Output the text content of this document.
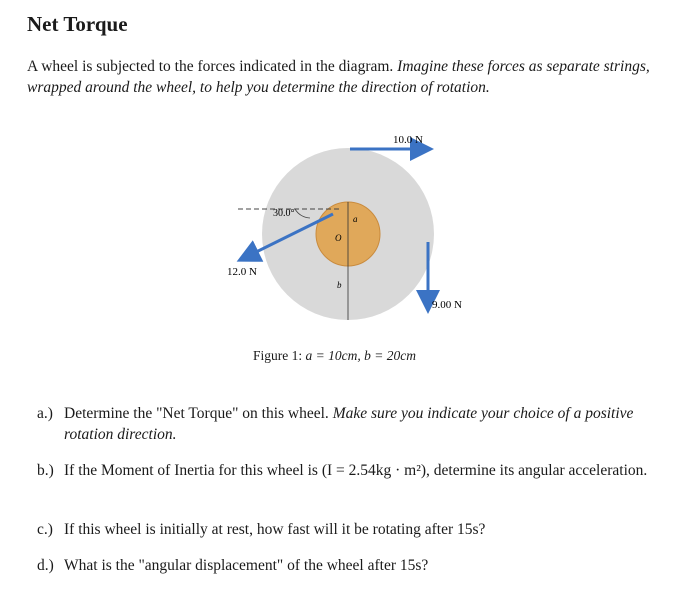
Net Torque

A wheel is subjected to the forces indicated in the diagram. Imagine these forces as separate strings, wrapped around the wheel, to help you determine the direction of rotation.

10.0 N
12.0 N
9.00 N
30.0°	a
O
b
Figure 1: a = 10cm, b = 20cm
a.) Determine the "Net Torque" on this wheel. Make sure you indicate your choice of a positive rotation direction.
b.) If the Moment of Inertia for this wheel is (I = 2.54kg · m²), determine its angular acceleration.
c.) If this wheel is initially at rest, how fast will it be rotating after 15s?
d.) What is the "angular displacement" of the wheel after 15s?
